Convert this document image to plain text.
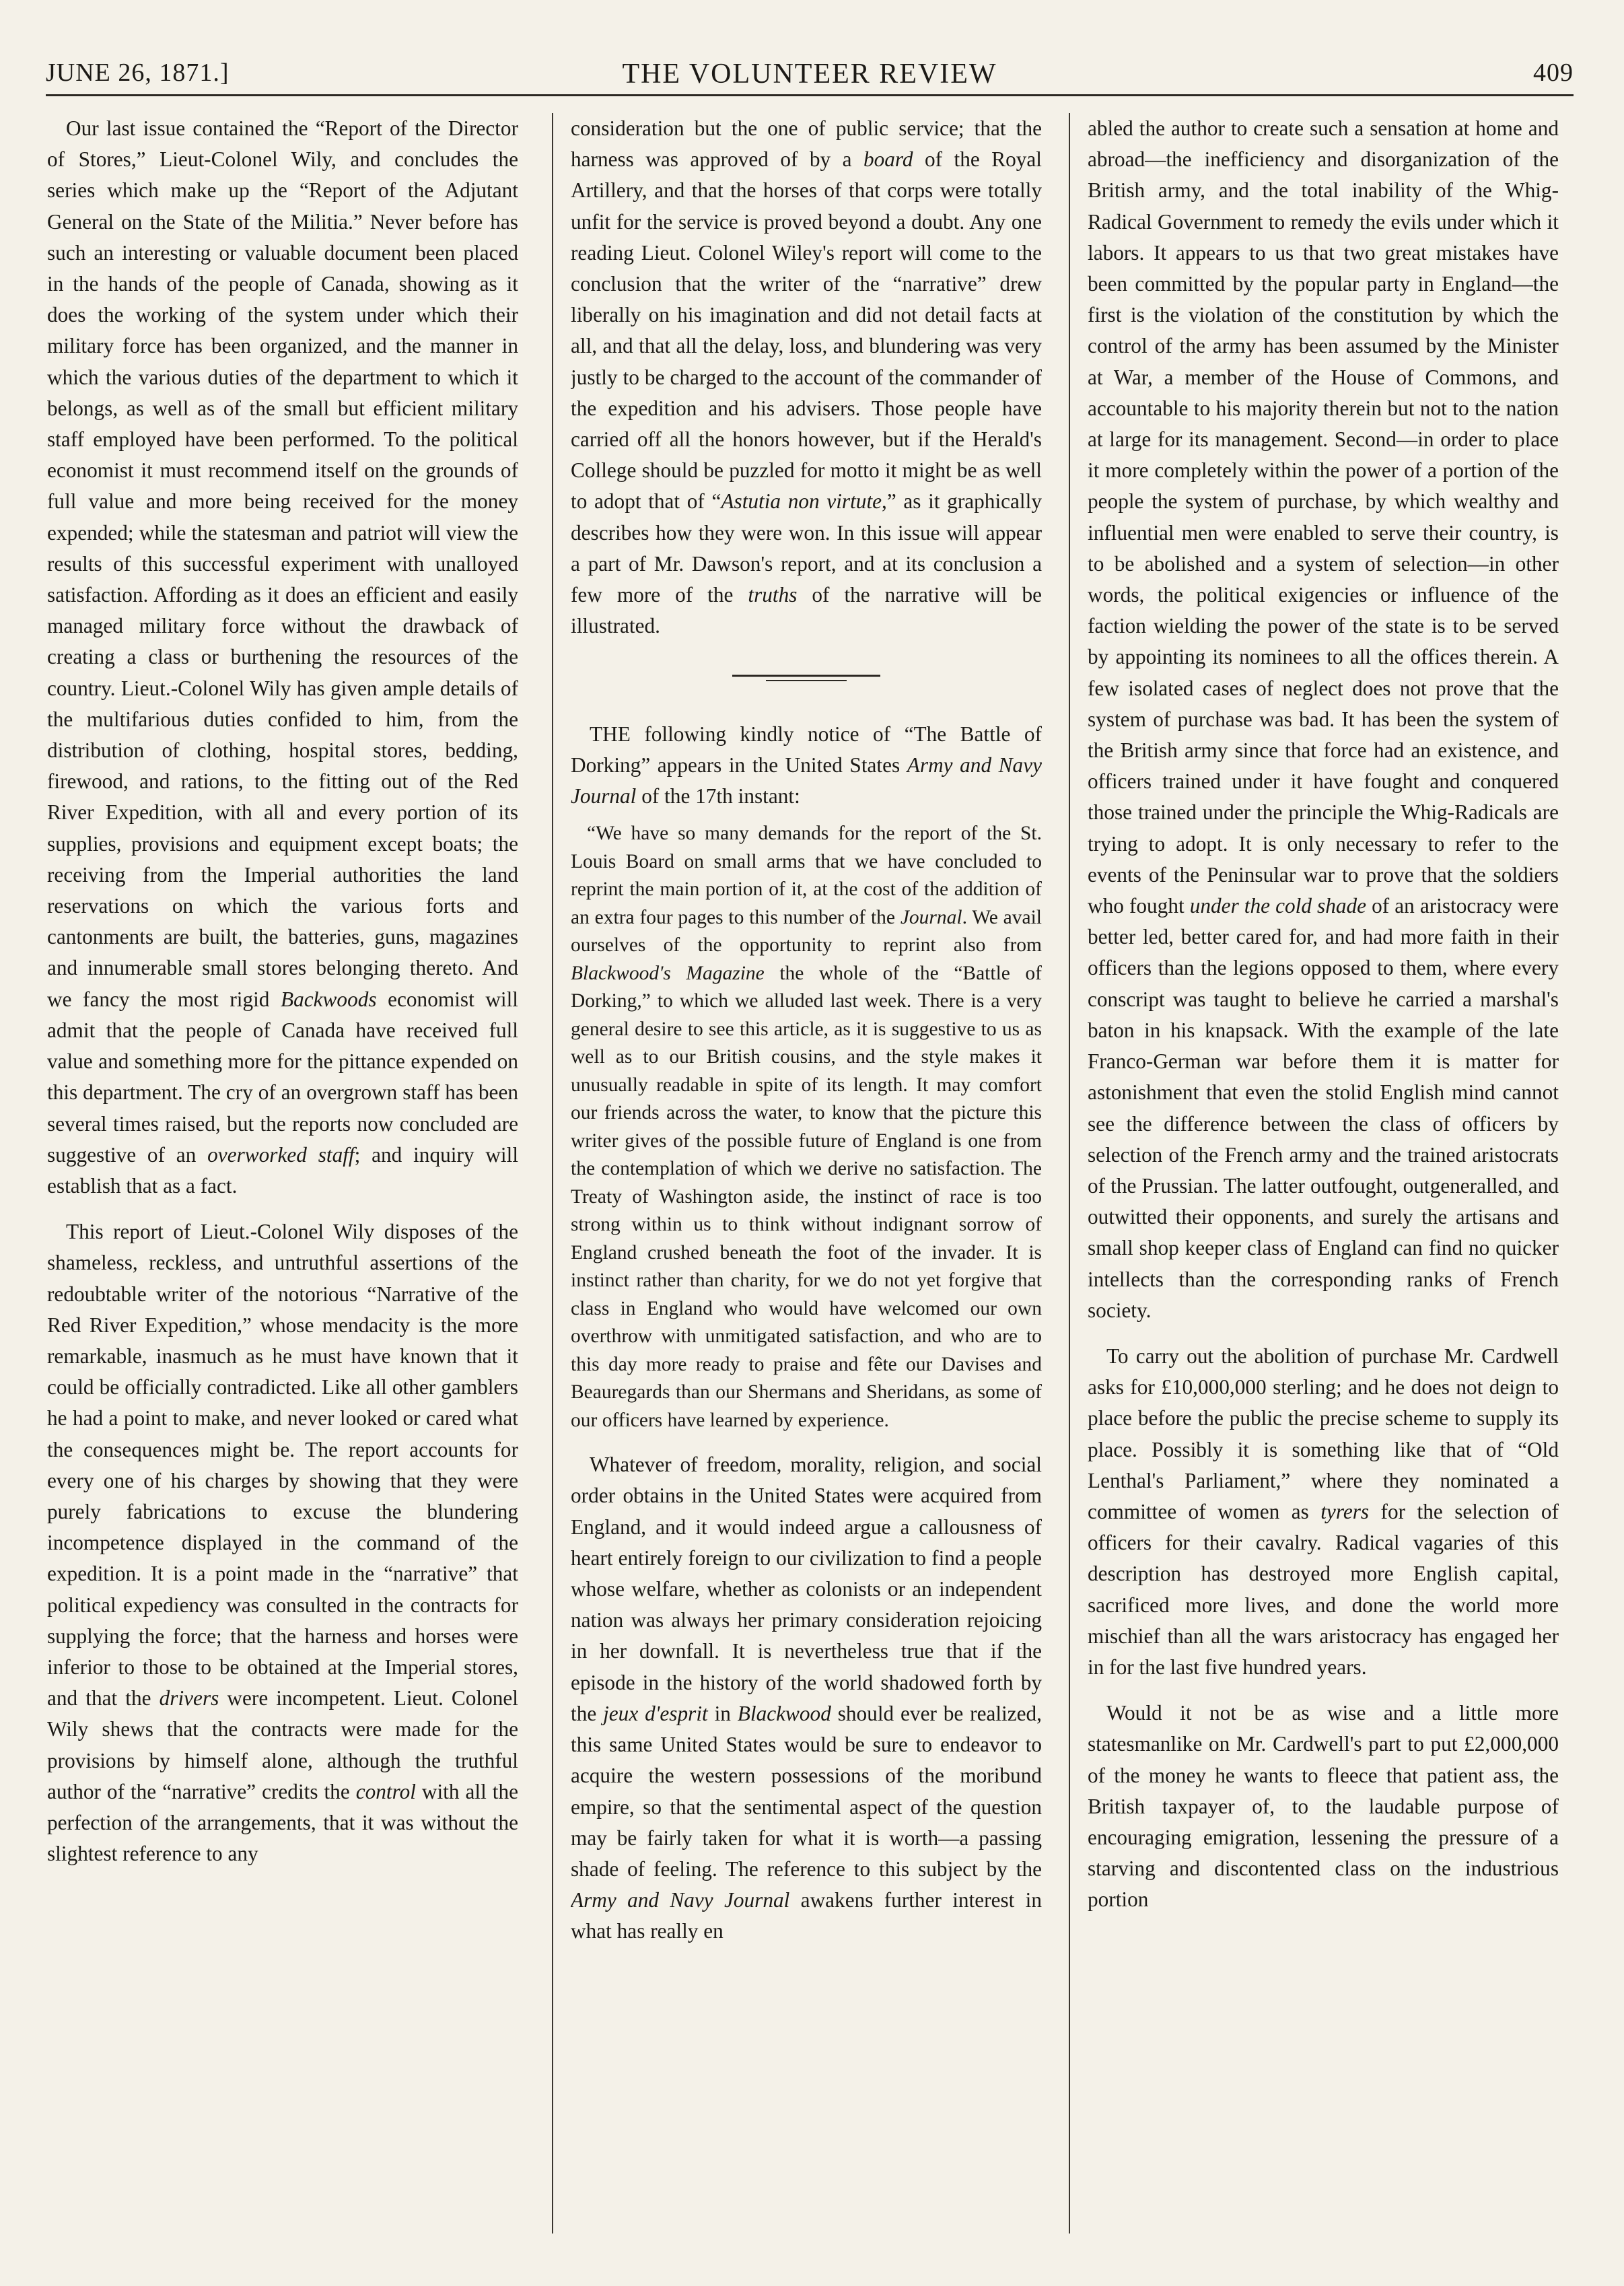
JUNE 26, 1871.]	THE VOLUNTEER REVIEW	409

Our last issue contained the “Report of the Director of Stores,” Lieut-Colonel Wily, and concludes the series which make up the “Report of the Adjutant General on the State of the Militia.” Never before has such an interesting or valuable document been placed in the hands of the people of Canada, showing as it does the working of the system under which their military force has been organized, and the manner in which the various duties of the department to which it belongs, as well as of the small but efficient military staff employed have been performed. To the political economist it must recommend itself on the grounds of full value and more being received for the money expended; while the statesman and patriot will view the results of this successful experiment with unalloyed satisfaction. Affording as it does an efficient and easily managed military force without the drawback of creating a class or burthening the resources of the country. Lieut.-Colonel Wily has given ample details of the multifarious duties confided to him, from the distribution of clothing, hospital stores, bedding, firewood, and rations, to the fitting out of the Red River Expedition, with all and every portion of its supplies, provisions and equipment except boats; the receiving from the Imperial authorities the land reservations on which the various forts and cantonments are built, the batteries, guns, magazines and innumerable small stores belonging thereto. And we fancy the most rigid Backwoods economist will admit that the people of Canada have received full value and something more for the pittance expended on this department. The cry of an overgrown staff has been several times raised, but the reports now concluded are suggestive of an overworked staff; and inquiry will establish that as a fact.

This report of Lieut.-Colonel Wily disposes of the shameless, reckless, and untruthful assertions of the redoubtable writer of the notorious “Narrative of the Red River Expedition,” whose mendacity is the more remarkable, inasmuch as he must have known that it could be officially contradicted. Like all other gamblers he had a point to make, and never looked or cared what the consequences might be. The report accounts for every one of his charges by showing that they were purely fabrications to excuse the blundering incompetence displayed in the command of the expedition. It is a point made in the “narrative” that political expediency was consulted in the contracts for supplying the force; that the harness and horses were inferior to those to be obtained at the Imperial stores, and that the drivers were incompetent. Lieut. Colonel Wily shews that the contracts were made for the provisions by himself alone, although the truthful author of the “narrative” credits the control with all the perfection of the arrangements, that it was without the slightest reference to any

consideration but the one of public service; that the harness was approved of by a board of the Royal Artillery, and that the horses of that corps were totally unfit for the service is proved beyond a doubt. Any one reading Lieut. Colonel Wiley's report will come to the conclusion that the writer of the “narrative” drew liberally on his imagination and did not detail facts at all, and that all the delay, loss, and blundering was very justly to be charged to the account of the commander of the expedition and his advisers. Those people have carried off all the honors however, but if the Herald's College should be puzzled for motto it might be as well to adopt that of “Astutia non virtute,” as it graphically describes how they were won. In this issue will appear a part of Mr. Dawson's report, and at its conclusion a few more of the truths of the narrative will be illustrated.

THE following kindly notice of “The Battle of Dorking” appears in the United States Army and Navy Journal of the 17th instant:

“We have so many demands for the report of the St. Louis Board on small arms that we have concluded to reprint the main portion of it, at the cost of the addition of an extra four pages to this number of the Journal. We avail ourselves of the opportunity to reprint also from Blackwood's Magazine the whole of the “Battle of Dorking,” to which we alluded last week. There is a very general desire to see this article, as it is suggestive to us as well as to our British cousins, and the style makes it unusually readable in spite of its length. It may comfort our friends across the water, to know that the picture this writer gives of the possible future of England is one from the contemplation of which we derive no satisfaction. The Treaty of Washington aside, the instinct of race is too strong within us to think without indignant sorrow of England crushed beneath the foot of the invader. It is instinct rather than charity, for we do not yet forgive that class in England who would have welcomed our own overthrow with unmitigated satisfaction, and who are to this day more ready to praise and fête our Davises and Beauregards than our Shermans and Sheridans, as some of our officers have learned by experience.

Whatever of freedom, morality, religion, and social order obtains in the United States were acquired from England, and it would indeed argue a callousness of heart entirely foreign to our civilization to find a people whose welfare, whether as colonists or an independent nation was always her primary consideration rejoicing in her downfall. It is nevertheless true that if the episode in the history of the world shadowed forth by the jeux d'esprit in Blackwood should ever be realized, this same United States would be sure to endeavor to acquire the western possessions of the moribund empire, so that the sentimental aspect of the question may be fairly taken for what it is worth—a passing shade of feeling. The reference to this subject by the Army and Navy Journal awakens further interest in what has really en

abled the author to create such a sensation at home and abroad—the inefficiency and disorganization of the British army, and the total inability of the Whig-Radical Government to remedy the evils under which it labors. It appears to us that two great mistakes have been committed by the popular party in England—the first is the violation of the constitution by which the control of the army has been assumed by the Minister at War, a member of the House of Commons, and accountable to his majority therein but not to the nation at large for its management. Second—in order to place it more completely within the power of a portion of the people the system of purchase, by which wealthy and influential men were enabled to serve their country, is to be abolished and a system of selection—in other words, the political exigencies or influence of the faction wielding the power of the state is to be served by appointing its nominees to all the offices therein. A few isolated cases of neglect does not prove that the system of purchase was bad. It has been the system of the British army since that force had an existence, and officers trained under it have fought and conquered those trained under the principle the Whig-Radicals are trying to adopt. It is only necessary to refer to the events of the Peninsular war to prove that the soldiers who fought under the cold shade of an aristocracy were better led, better cared for, and had more faith in their officers than the legions opposed to them, where every conscript was taught to believe he carried a marshal's baton in his knapsack. With the example of the late Franco-German war before them it is matter for astonishment that even the stolid English mind cannot see the difference between the class of officers by selection of the French army and the trained aristocrats of the Prussian. The latter outfought, outgeneralled, and outwitted their opponents, and surely the artisans and small shop keeper class of England can find no quicker intellects than the corresponding ranks of French society.

To carry out the abolition of purchase Mr. Cardwell asks for £10,000,000 sterling; and he does not deign to place before the public the precise scheme to supply its place. Possibly it is something like that of “Old Lenthal's Parliament,” where they nominated a committee of women as tyrers for the selection of officers for their cavalry. Radical vagaries of this description has destroyed more English capital, sacrificed more lives, and done the world more mischief than all the wars aristocracy has engaged her in for the last five hundred years.

Would it not be as wise and a little more statesmanlike on Mr. Cardwell's part to put £2,000,000 of the money he wants to fleece that patient ass, the British taxpayer of, to the laudable purpose of encouraging emigration, lessening the pressure of a starving and discontented class on the industrious portion
